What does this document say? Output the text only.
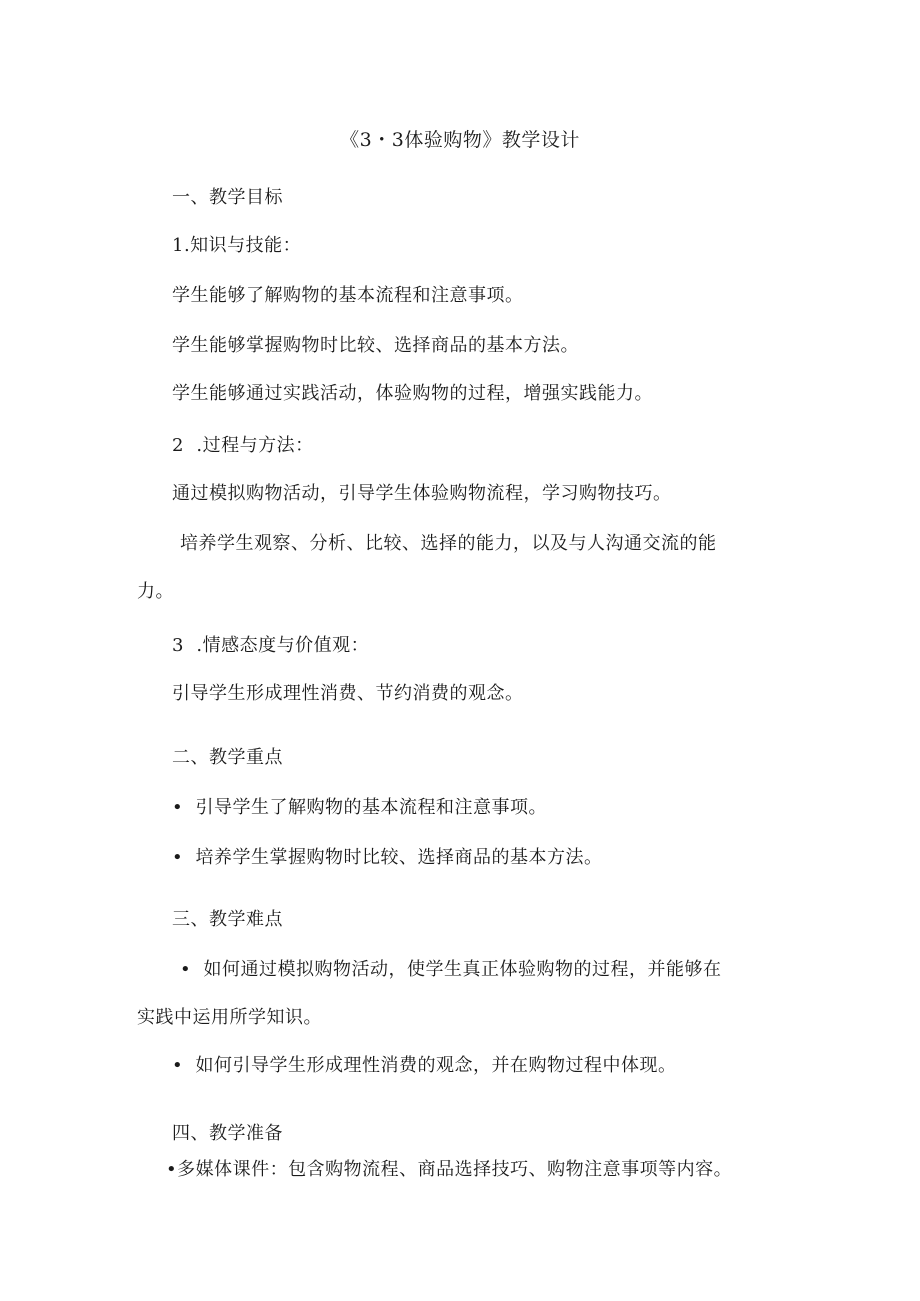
《3・3体验购物》教学设计
一、教学目标
1.知识与技能：
学生能够了解购物的基本流程和注意事项。
学生能够掌握购物时比较、选择商品的基本方法。
学生能够通过实践活动，体验购物的过程，增强实践能力。
2  .过程与方法：
通过模拟购物活动，引导学生体验购物流程，学习购物技巧。
培养学生观察、分析、比较、选择的能力，以及与人沟通交流的能
力。
3  .情感态度与价值观：
引导学生形成理性消费、节约消费的观念。
二、教学重点
•  引导学生了解购物的基本流程和注意事项。
•  培养学生掌握购物时比较、选择商品的基本方法。
三、教学难点
•  如何通过模拟购物活动，使学生真正体验购物的过程，并能够在
实践中运用所学知识。
•  如何引导学生形成理性消费的观念，并在购物过程中体现。
四、教学准备
•多媒体课件：包含购物流程、商品选择技巧、购物注意事项等内容。
